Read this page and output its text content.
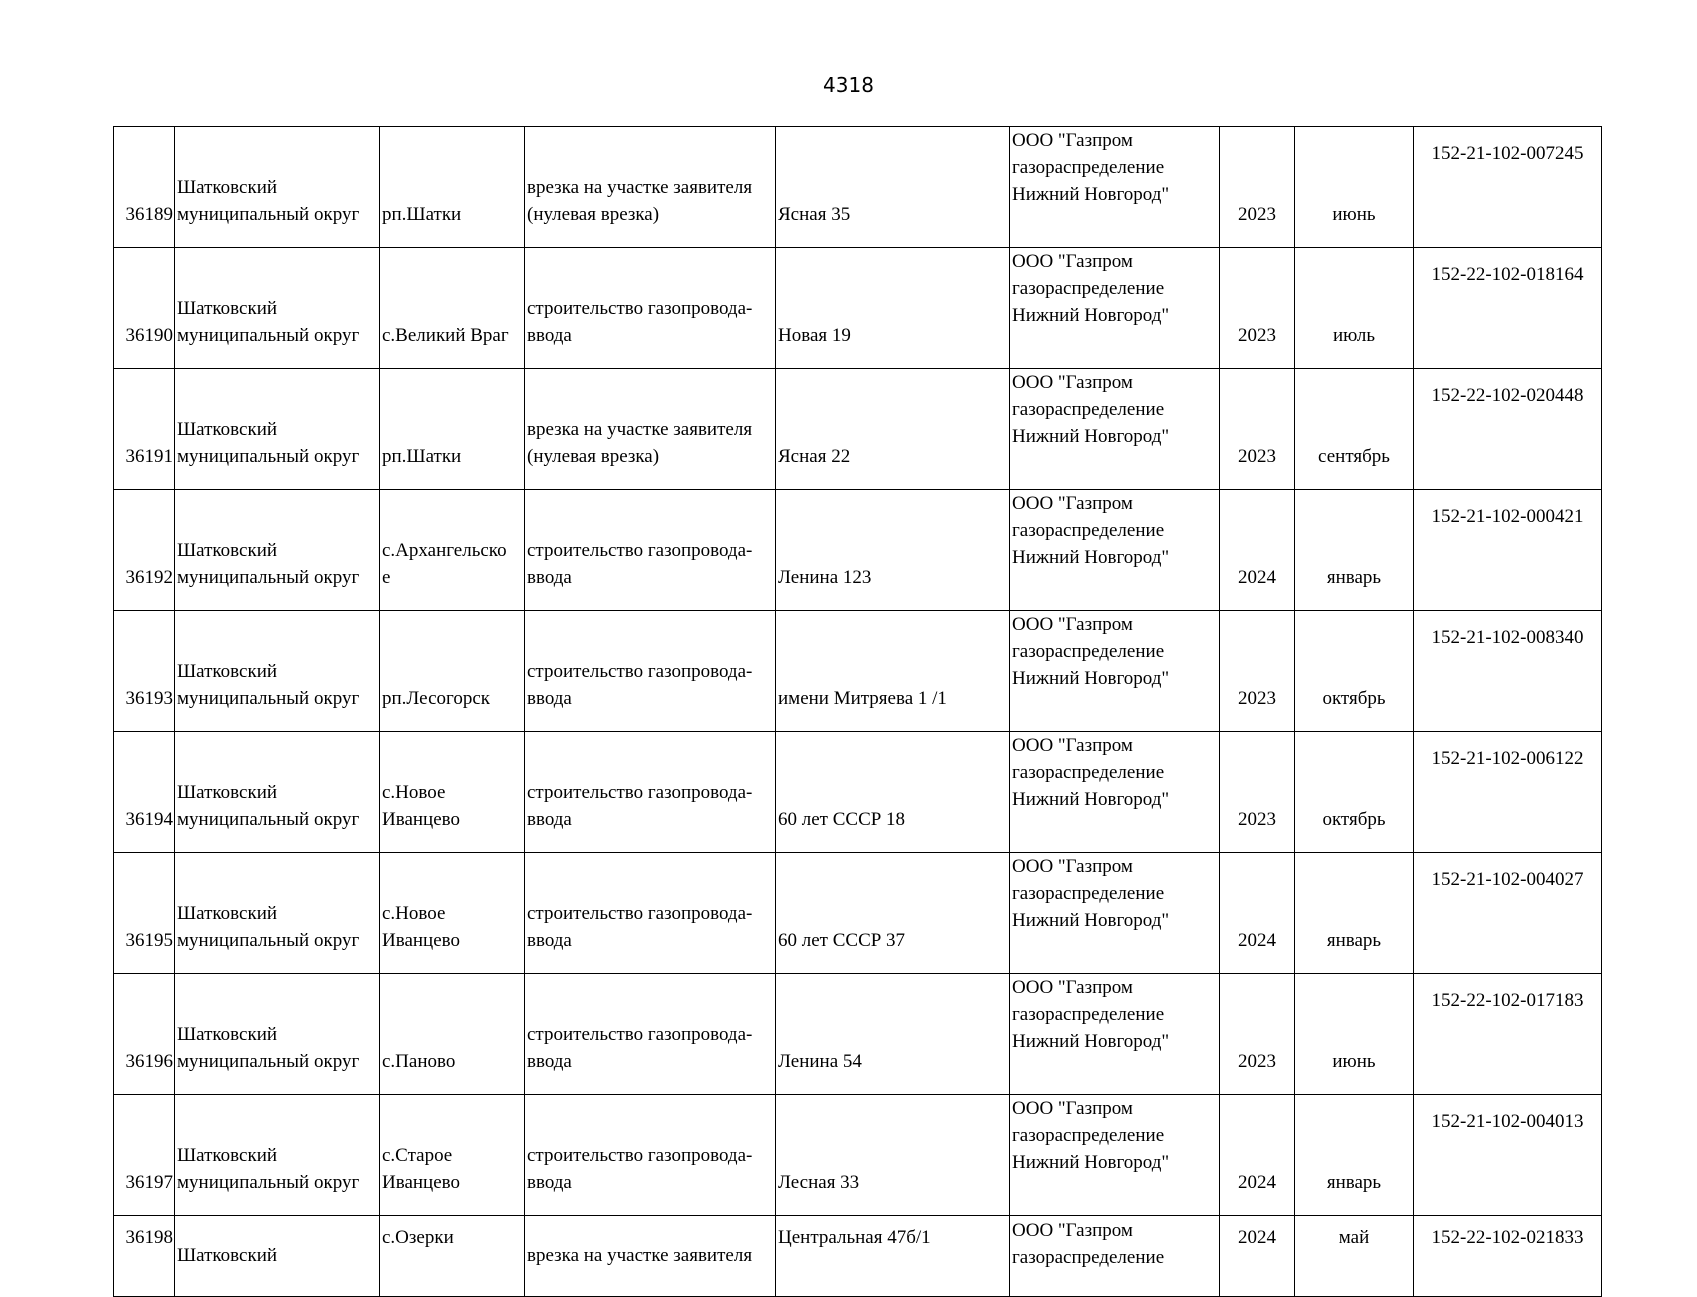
4318
36189	Шатковский
муниципальный округ	рп.Шатки	врезка на участке заявителя
(нулевая врезка)	Ясная 35	ООО "Газпром
газораспределение
Нижний Новгород"	2023	июнь	152-21-102-007245
36190	Шатковский
муниципальный округ	с.Великий Враг	строительство газопровода-
ввода	Новая 19	ООО "Газпром
газораспределение
Нижний Новгород"	2023	июль	152-22-102-018164
36191	Шатковский
муниципальный округ	рп.Шатки	врезка на участке заявителя
(нулевая врезка)	Ясная 22	ООО "Газпром
газораспределение
Нижний Новгород"	2023	сентябрь	152-22-102-020448
36192	Шатковский
муниципальный округ	с.Архангельско
е	строительство газопровода-
ввода	Ленина 123	ООО "Газпром
газораспределение
Нижний Новгород"	2024	январь	152-21-102-000421
36193	Шатковский
муниципальный округ	рп.Лесогорск	строительство газопровода-
ввода	имени Митряева 1 /1	ООО "Газпром
газораспределение
Нижний Новгород"	2023	октябрь	152-21-102-008340
36194	Шатковский
муниципальный округ	с.Новое
Иванцево	строительство газопровода-
ввода	60 лет СССР 18	ООО "Газпром
газораспределение
Нижний Новгород"	2023	октябрь	152-21-102-006122
36195	Шатковский
муниципальный округ	с.Новое
Иванцево	строительство газопровода-
ввода	60 лет СССР 37	ООО "Газпром
газораспределение
Нижний Новгород"	2024	январь	152-21-102-004027
36196	Шатковский
муниципальный округ	с.Паново	строительство газопровода-
ввода	Ленина 54	ООО "Газпром
газораспределение
Нижний Новгород"	2023	июнь	152-22-102-017183
36197	Шатковский
муниципальный округ	с.Старое
Иванцево	строительство газопровода-
ввода	Лесная 33	ООО "Газпром
газораспределение
Нижний Новгород"	2024	январь	152-21-102-004013
36198	Шатковский	с.Озерки	врезка на участке заявителя	Центральная 47б/1	ООО "Газпром
газораспределение	2024	май	152-22-102-021833
